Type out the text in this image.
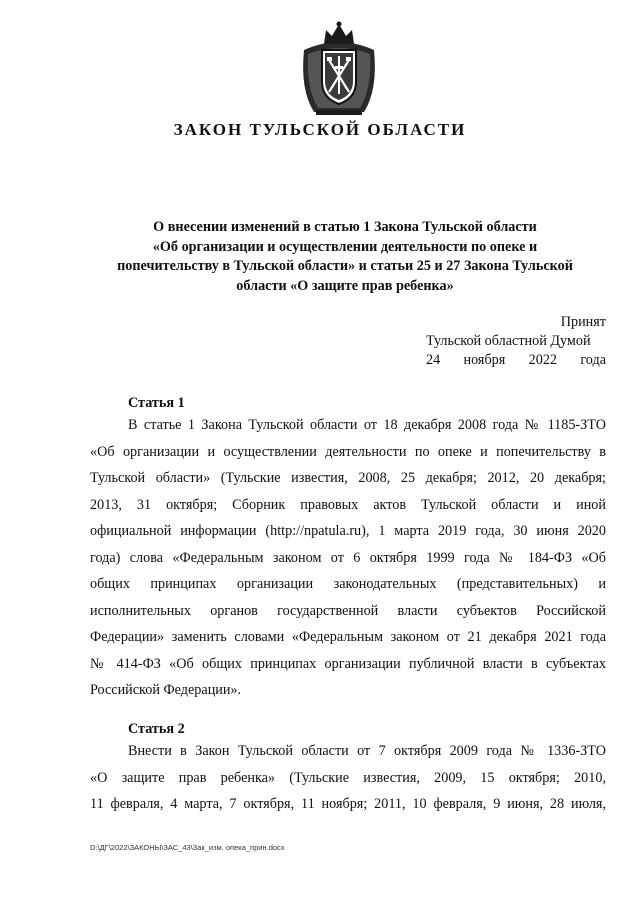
ЗАКОН ТУЛЬСКОЙ ОБЛАСТИ
О внесении изменений в статью 1 Закона Тульской области
«Об организации и осуществлении деятельности по опеке и
попечительству в Тульской области» и статьи 25 и 27 Закона Тульской
области «О защите прав ребенка»
Принят
Тульской областной Думой
24 ноября 2022 года
Статья 1
В статье 1 Закона Тульской области от 18 декабря 2008 года № 1185-ЗТО
«Об организации и осуществлении деятельности по опеке и попечительству в
Тульской области» (Тульские известия, 2008, 25 декабря; 2012, 20 декабря;
2013, 31 октября; Сборник правовых актов Тульской области и иной
официальной информации (http://npatula.ru), 1 марта 2019 года, 30 июня 2020
года) слова «Федеральным законом от 6 октября 1999 года № 184-ФЗ «Об
общих принципах организации законодательных (представительных) и
исполнительных органов государственной власти субъектов Российской
Федерации» заменить словами «Федеральным законом от 21 декабря 2021 года
№ 414-ФЗ «Об общих принципах организации публичной власти в субъектах
Российской Федерации».
Статья 2
Внести в Закон Тульской области от 7 октября 2009 года № 1336-ЗТО
«О защите прав ребенка» (Тульские известия, 2009, 15 октября; 2010,
11 февраля, 4 марта, 7 октября, 11 ноября; 2011, 10 февраля, 9 июня, 28 июля,
D:\ДГ\2022\ЗАКОНЫ\ЗАС_43\Зак_изм. опека_прин.docx
